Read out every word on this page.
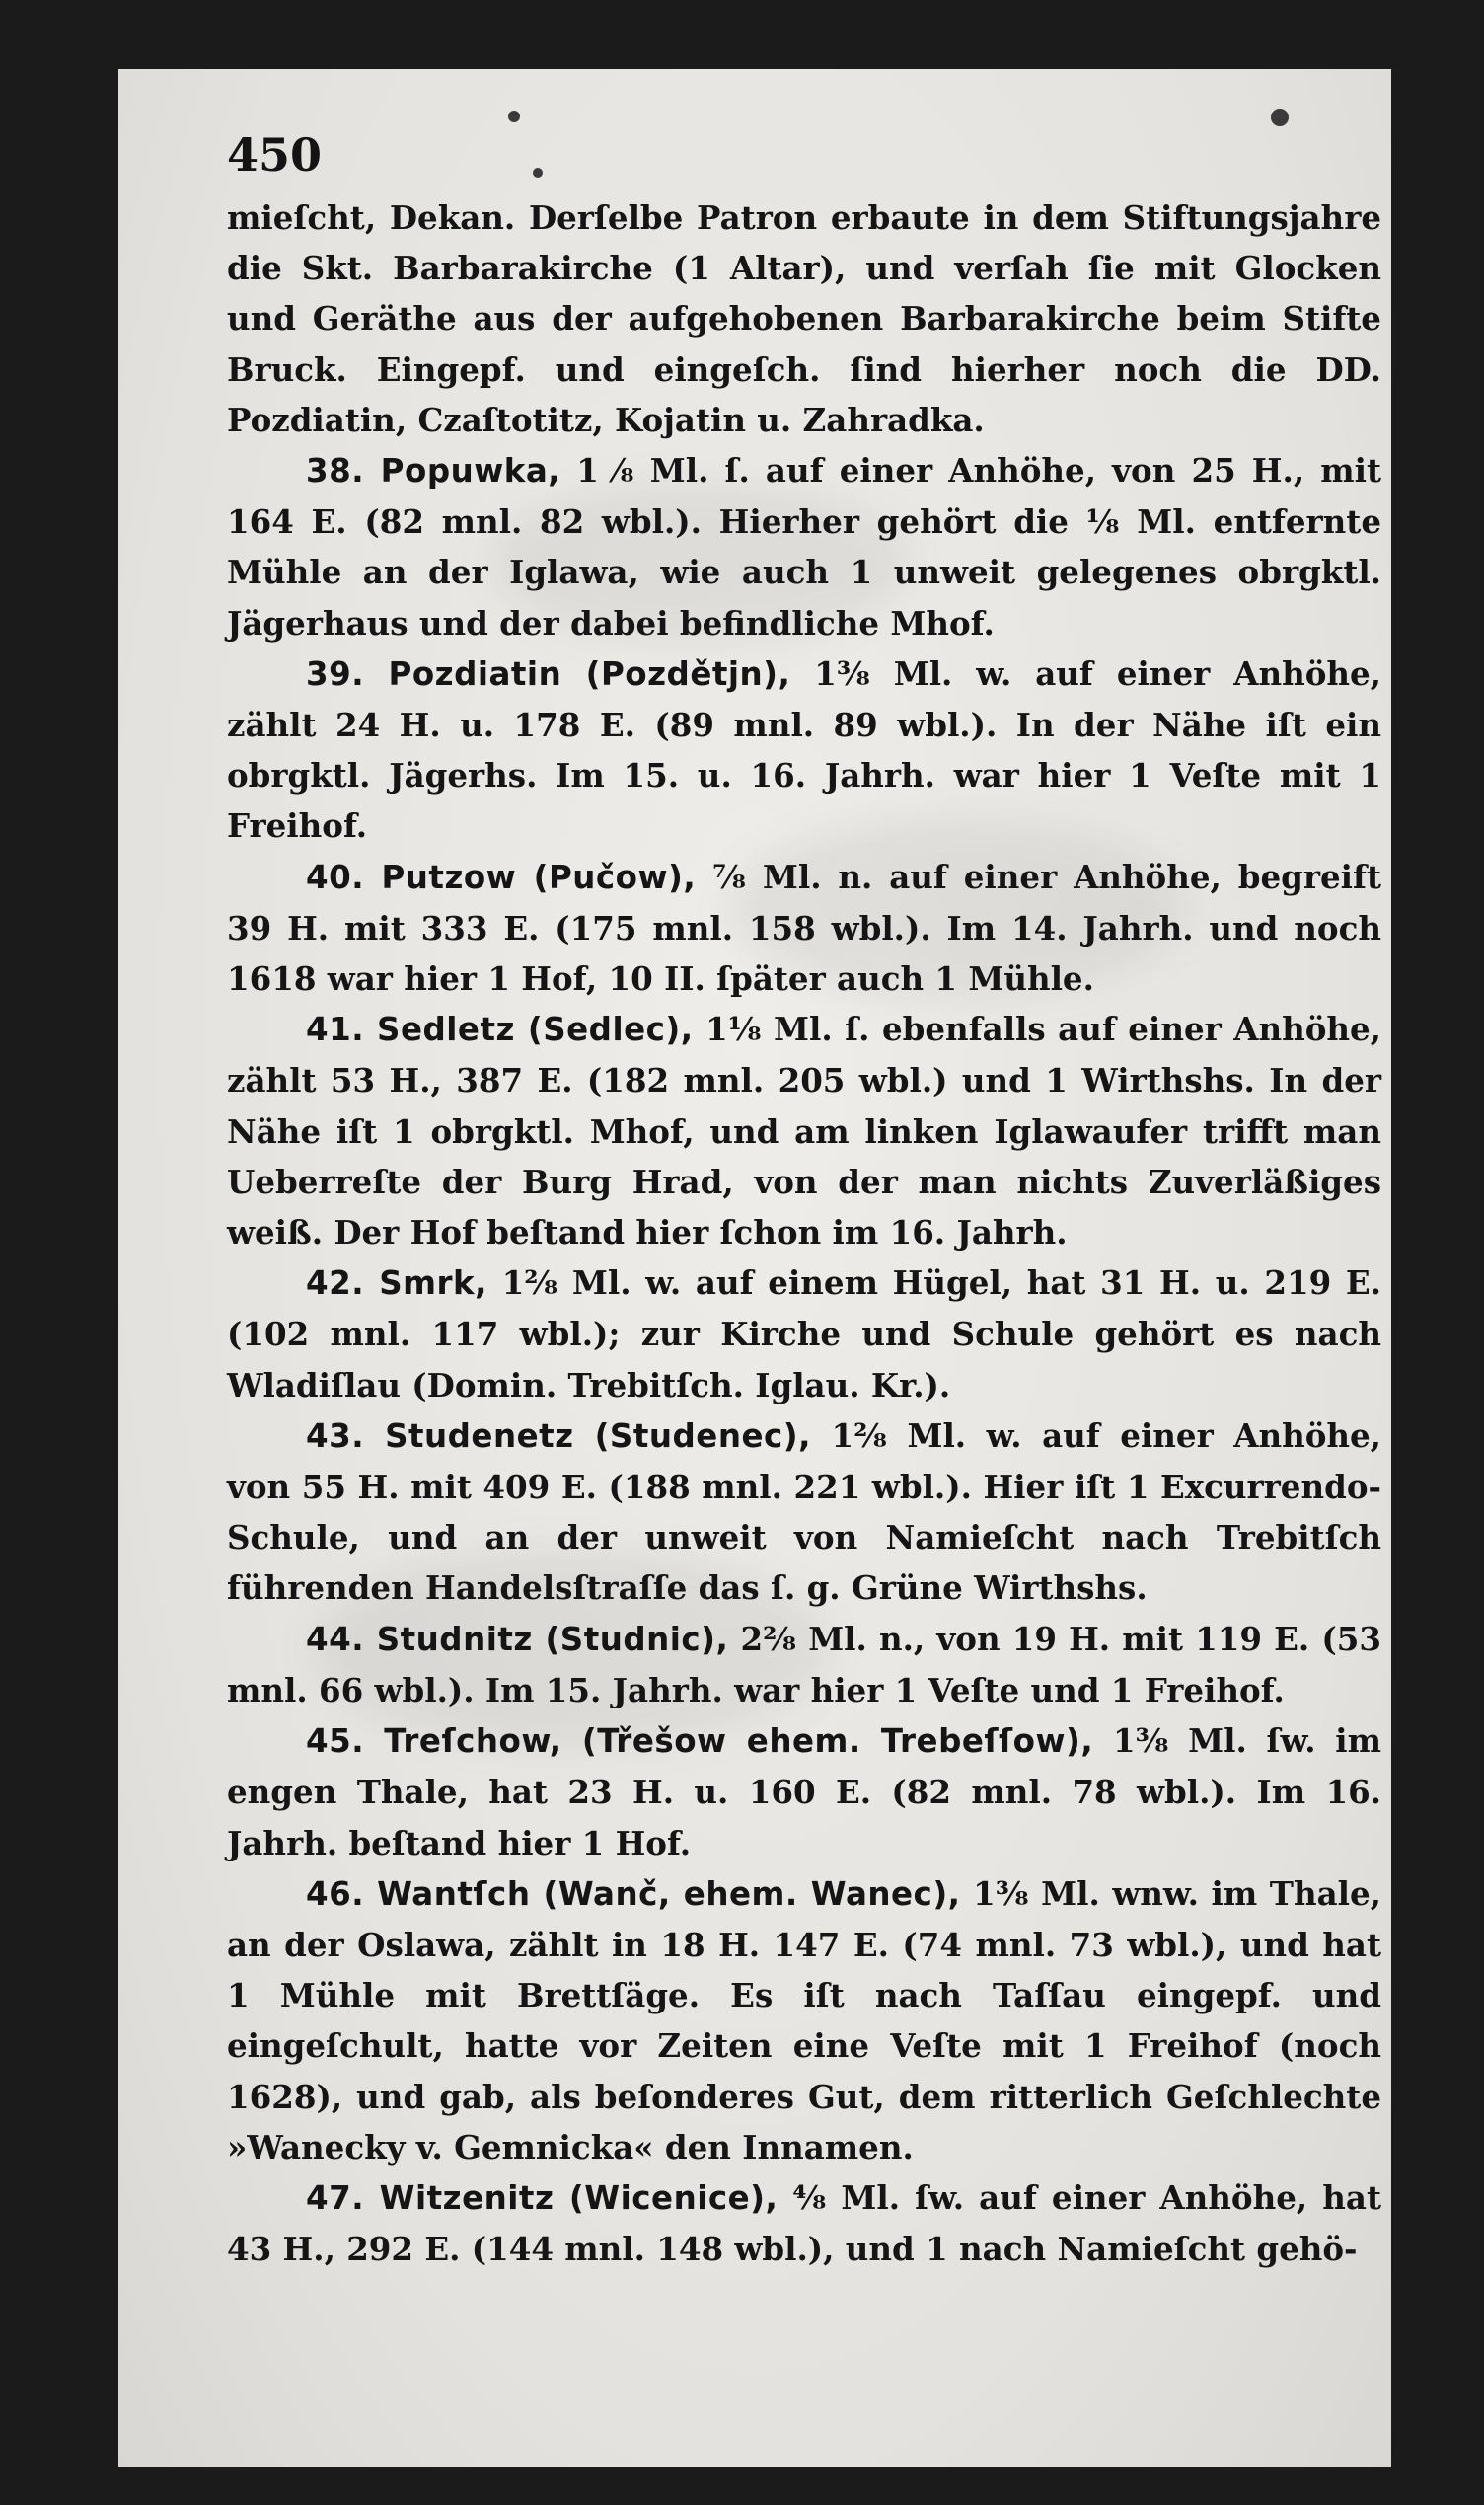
450

mieſcht, Dekan. Derſelbe Patron erbaute in dem Stiftungsjahre die Skt. Barbarakirche (1 Altar), und verſah ſie mit Glocken und Geräthe aus der aufgehobenen Barbarakirche beim Stifte Bruck. Eingepf. und eingeſch. ſind hierher noch die DD. Pozdiatin, Czaſtotitz, Kojatin u. Zahradka.

38. Popuwka, 1 ⁄₈ Ml. ſ. auf einer Anhöhe, von 25 H., mit 164 E. (82 mnl. 82 wbl.). Hierher gehört die ¹⁄₈ Ml. entfernte Mühle an der Iglawa, wie auch 1 unweit gelegenes obrgktl. Jägerhaus und der dabei befindliche Mhof.

39. Pozdiatin (Pozdětjn), 1³⁄₈ Ml. w. auf einer Anhöhe, zählt 24 H. u. 178 E. (89 mnl. 89 wbl.). In der Nähe iſt ein obrgktl. Jägerhs. Im 15. u. 16. Jahrh. war hier 1 Veſte mit 1 Freihof.

40. Putzow (Pučow), ⁷⁄₈ Ml. n. auf einer Anhöhe, begreift 39 H. mit 333 E. (175 mnl. 158 wbl.). Im 14. Jahrh. und noch 1618 war hier 1 Hof, 10 II. ſpäter auch 1 Mühle.

41. Sedletz (Sedlec), 1¹⁄₈ Ml. ſ. ebenfalls auf einer Anhöhe, zählt 53 H., 387 E. (182 mnl. 205 wbl.) und 1 Wirthshs. In der Nähe iſt 1 obrgktl. Mhof, und am linken Iglawaufer trifft man Ueberreſte der Burg Hrad, von der man nichts Zuverläßiges weiß. Der Hof beſtand hier ſchon im 16. Jahrh.

42. Smrk, 1²⁄₈ Ml. w. auf einem Hügel, hat 31 H. u. 219 E. (102 mnl. 117 wbl.); zur Kirche und Schule gehört es nach Wladiſlau (Domin. Trebitſch. Iglau. Kr.).

43. Studenetz (Studenec), 1²⁄₈ Ml. w. auf einer Anhöhe, von 55 H. mit 409 E. (188 mnl. 221 wbl.). Hier iſt 1 Excurrendo-Schule, und an der unweit von Namieſcht nach Trebitſch führenden Handelsſtraſſe das ſ. g. Grüne Wirthshs.

44. Studnitz (Studnic), 2²⁄₈ Ml. n., von 19 H. mit 119 E. (53 mnl. 66 wbl.). Im 15. Jahrh. war hier 1 Veſte und 1 Freihof.

45. Treſchow, (Třešow ehem. Trebeſſow), 1³⁄₈ Ml. ſw. im engen Thale, hat 23 H. u. 160 E. (82 mnl. 78 wbl.). Im 16. Jahrh. beſtand hier 1 Hof.

46. Wantſch (Wanč, ehem. Wanec), 1³⁄₈ Ml. wnw. im Thale, an der Oslawa, zählt in 18 H. 147 E. (74 mnl. 73 wbl.), und hat 1 Mühle mit Brettſäge. Es iſt nach Taſſau eingepf. und eingeſchult, hatte vor Zeiten eine Veſte mit 1 Freihof (noch 1628), und gab, als beſonderes Gut, dem ritterlich Geſchlechte »Wanecky v. Gemnicka« den Innamen.

47. Witzenitz (Wicenice), ⁴⁄₈ Ml. ſw. auf einer Anhöhe, hat 43 H., 292 E. (144 mnl. 148 wbl.), und 1 nach Namieſcht gehö-
